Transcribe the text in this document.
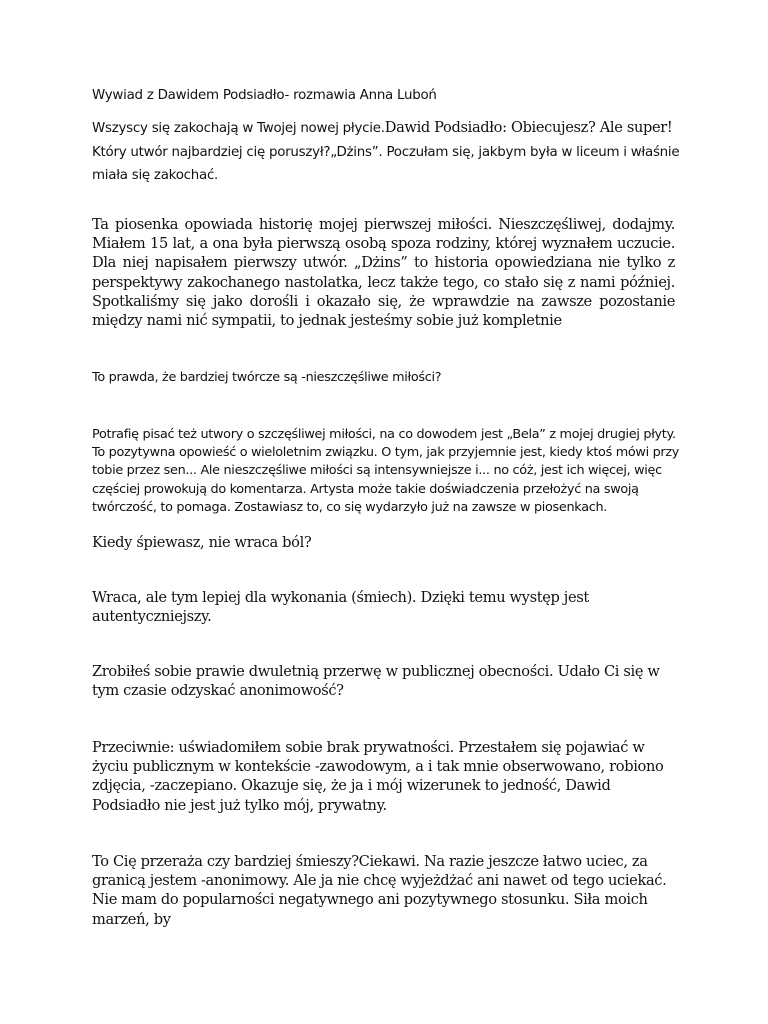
Wywiad z Dawidem Podsiadło- rozmawia Anna Luboń

Wszyscy się zakochają w Twojej nowej płycie.Dawid Podsiadło: Obiecujesz? Ale super! Który utwór najbardziej cię poruszył?„Dżins”. Poczułam się, jakbym była w liceum i właśnie miała się zakochać.

Ta piosenka opowiada historię mojej pierwszej miłości. Nieszczęśliwej, dodajmy. Miałem 15 lat, a ona była pierwszą osobą spoza rodziny, której wyznałem uczucie. Dla niej napisałem pierwszy utwór. „Dżins” to historia opowiedziana nie tylko z perspektywy zakochanego nastolatka, lecz także tego, co stało się z nami później. Spotkaliśmy się jako dorośli i okazało się, że wprawdzie na zawsze pozostanie między nami nić sympatii, to jednak jesteśmy sobie już kompletnie

To prawda, że bardziej twórcze są -nieszczęśliwe miłości?

Potrafię pisać też utwory o szczęśliwej miłości, na co dowodem jest „Bela” z mojej drugiej płyty. To pozytywna opowieść o wieloletnim związku. O tym, jak przyjemnie jest, kiedy ktoś mówi przy tobie przez sen... Ale nieszczęśliwe miłości są intensywniejsze i... no cóż, jest ich więcej, więc częściej prowokują do komentarza. Artysta może takie doświadczenia przełożyć na swoją twórczość, to pomaga. Zostawiasz to, co się wydarzyło już na zawsze w piosenkach.

Kiedy śpiewasz, nie wraca ból?

Wraca, ale tym lepiej dla wykonania (śmiech). Dzięki temu występ jest autentyczniejszy.

Zrobiłeś sobie prawie dwuletnią przerwę w publicznej obecności. Udało Ci się w tym czasie odzyskać anonimowość?

Przeciwnie: uświadomiłem sobie brak prywatności. Przestałem się pojawiać w życiu publicznym w kontekście -zawodowym, a i tak mnie obserwowano, robiono zdjęcia, -zaczepiano. Okazuje się, że ja i mój wizerunek to jedność, Dawid Podsiadło nie jest już tylko mój, prywatny.

To Cię przeraża czy bardziej śmieszy?Ciekawi. Na razie jeszcze łatwo uciec, za granicą jestem -anonimowy. Ale ja nie chcę wyjeżdżać ani nawet od tego uciekać. Nie mam do popularności negatywnego ani pozytywnego stosunku. Siła moich marzeń, by
